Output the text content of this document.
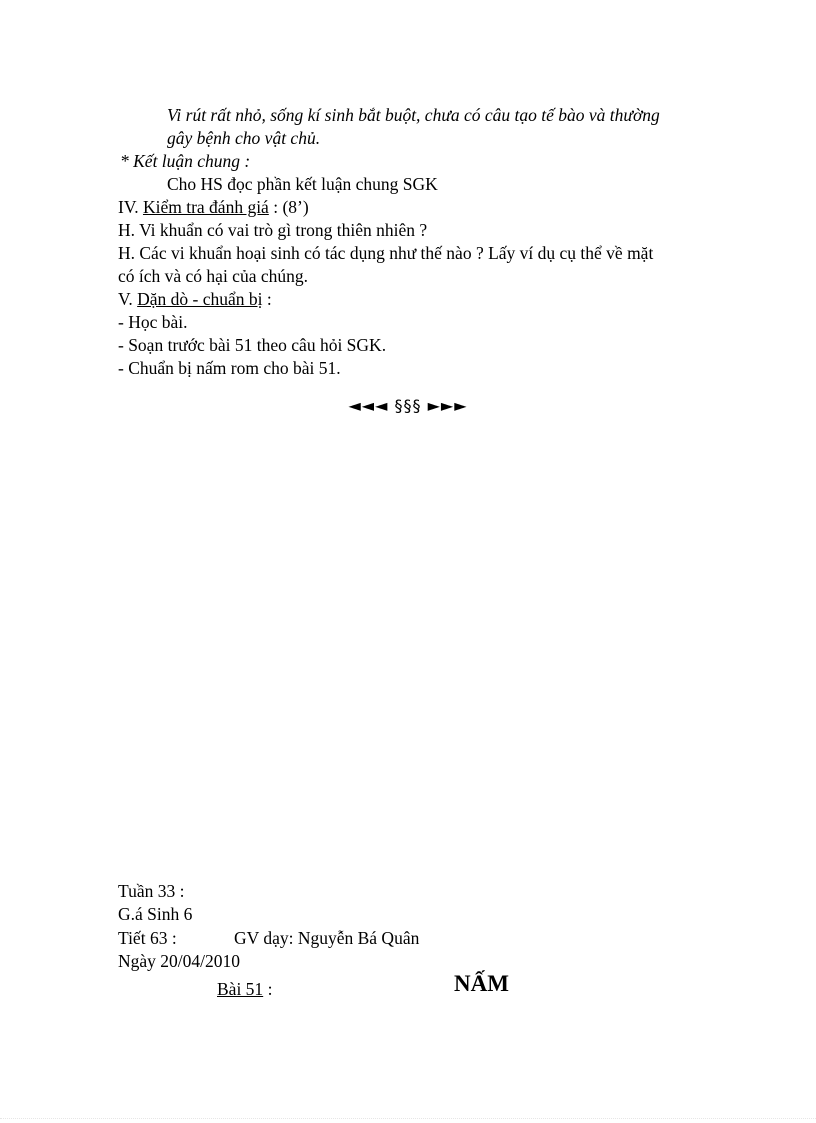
Vi rút rất nhỏ, sống kí sinh bắt buột, chưa có câu tạo tế bào và thường
gây bệnh cho vật chủ.
* Kết luận chung :
Cho HS đọc phần kết luận chung SGK
IV. Kiểm tra đánh giá : (8’)
H. Vi khuẩn có vai trò gì trong thiên nhiên ?
H. Các vi khuẩn hoại sinh có tác dụng như thế nào ? Lấy ví dụ cụ thể về mặt
có ích và có hại của chúng.
V. Dặn dò - chuẩn bị :
- Học bài.
- Soạn trước bài 51 theo câu hỏi SGK.
- Chuẩn bị nấm rom cho bài 51.
◄◄◄ §§§ ►►►
Tuần 33 :
G.á Sinh 6
Tiết 63 :	GV dạy: Nguyễn Bá Quân
Ngày 20/04/2010
Bài 51 :	NẤM
